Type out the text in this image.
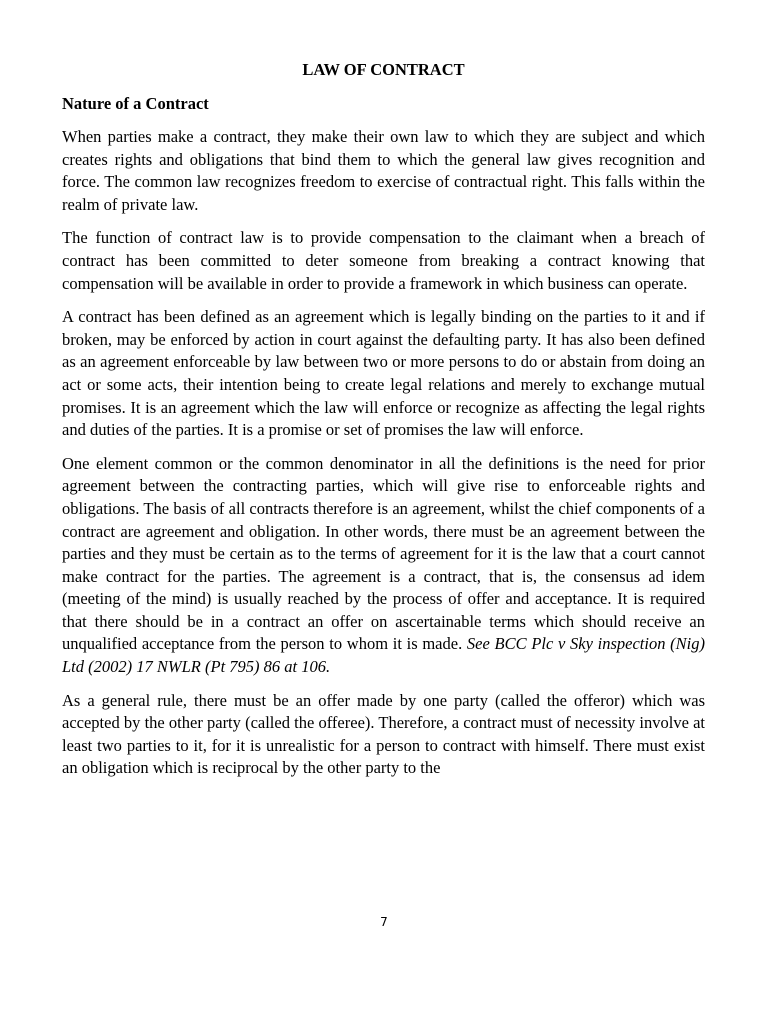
LAW OF CONTRACT
Nature of a Contract

When parties make a contract, they make their own law to which they are subject and which creates rights and obligations that bind them to which the general law gives recognition and force. The common law recognizes freedom to exercise of contractual right. This falls within the realm of private law.

The function of contract law is to provide compensation to the claimant when a breach of contract has been committed to deter someone from breaking a contract knowing that compensation will be available in order to provide a framework in which business can operate.

A contract has been defined as an agreement which is legally binding on the parties to it and if broken, may be enforced by action in court against the defaulting party. It has also been defined as an agreement enforceable by law between two or more persons to do or abstain from doing an act or some acts, their intention being to create legal relations and merely to exchange mutual promises. It is an agreement which the law will enforce or recognize as affecting the legal rights and duties of the parties. It is a promise or set of promises the law will enforce.

One element common or the common denominator in all the definitions is the need for prior agreement between the contracting parties, which will give rise to enforceable rights and obligations. The basis of all contracts therefore is an agreement, whilst the chief components of a contract are agreement and obligation. In other words, there must be an agreement between the parties and they must be certain as to the terms of agreement for it is the law that a court cannot make contract for the parties. The agreement is a contract, that is, the consensus ad idem (meeting of the mind) is usually reached by the process of offer and acceptance. It is required that there should be in a contract an offer on ascertainable terms which should receive an unqualified acceptance from the person to whom it is made. See BCC Plc v Sky inspection (Nig) Ltd (2002) 17 NWLR (Pt 795) 86 at 106.

As a general rule, there must be an offer made by one party (called the offeror) which was accepted by the other party (called the offeree). Therefore, a contract must of necessity involve at least two parties to it, for it is unrealistic for a person to contract with himself. There must exist an obligation which is reciprocal by the other party to the

7
